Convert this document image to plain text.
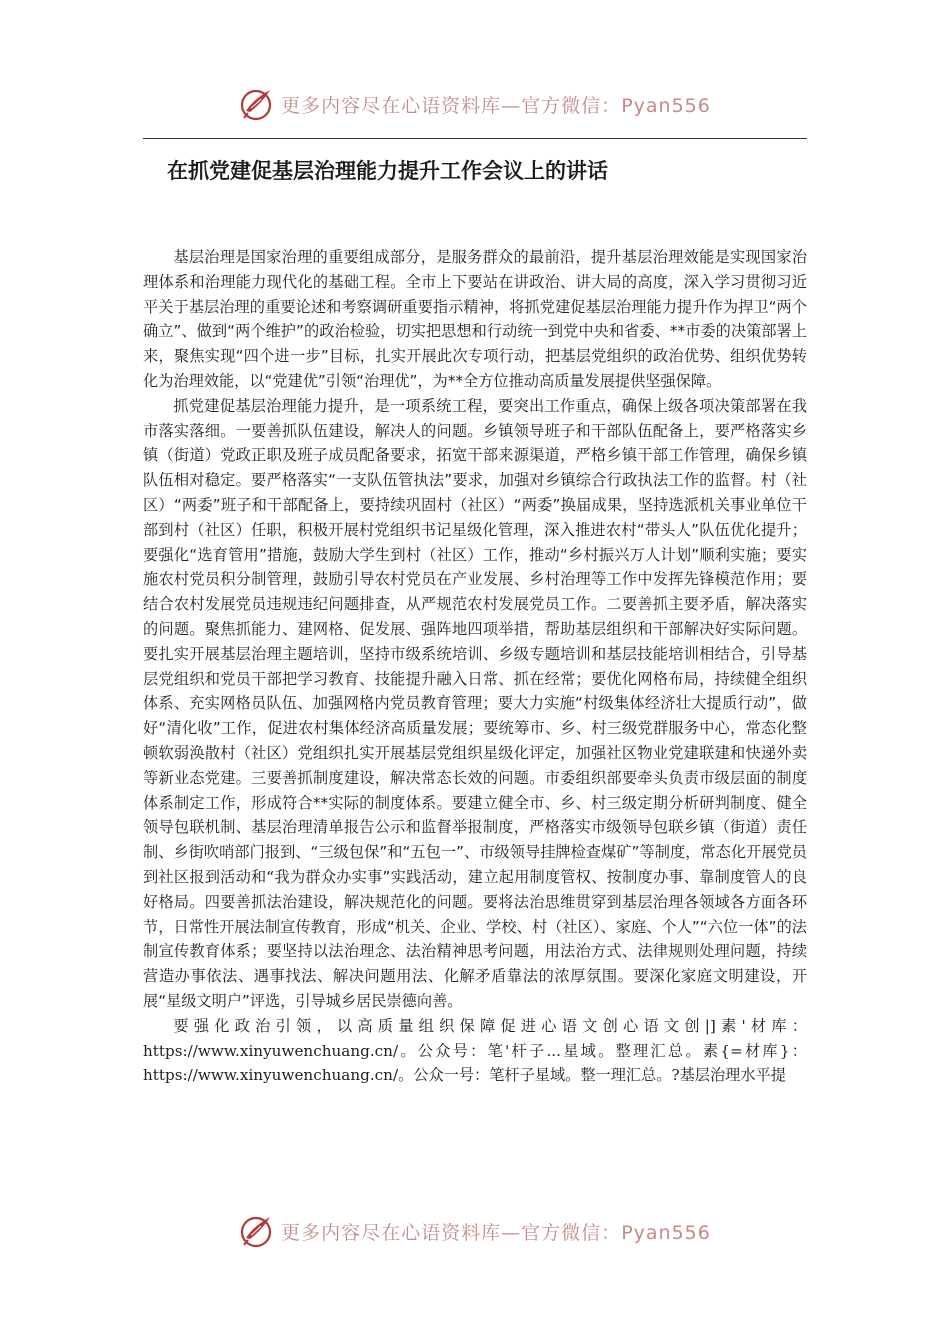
更多内容尽在心语资料库—官方微信：Pyan556
在抓党建促基层治理能力提升工作会议上的讲话

基层治理是国家治理的重要组成部分，是服务群众的最前沿，提升基层治理效能是实现国家治理体系和治理能力现代化的基础工程。全市上下要站在讲政治、讲大局的高度，深入学习贯彻习近平关于基层治理的重要论述和考察调研重要指示精神，将抓党建促基层治理能力提升作为捍卫“两个确立”、做到“两个维护”的政治检验，切实把思想和行动统一到党中央和省委、**市委的决策部署上来，聚焦实现“四个进一步”目标，扎实开展此次专项行动，把基层党组织的政治优势、组织优势转化为治理效能，以“党建优”引领“治理优”，为**全方位推动高质量发展提供坚强保障。

抓党建促基层治理能力提升，是一项系统工程，要突出工作重点，确保上级各项决策部署在我市落实落细。一要善抓队伍建设，解决人的问题。乡镇领导班子和干部队伍配备上，要严格落实乡镇（街道）党政正职及班子成员配备要求，拓宽干部来源渠道，严格乡镇干部工作管理，确保乡镇队伍相对稳定。要严格落实“一支队伍管执法”要求，加强对乡镇综合行政执法工作的监督。村（社区）“两委”班子和干部配备上，要持续巩固村（社区）“两委”换届成果，坚持选派机关事业单位干部到村（社区）任职，积极开展村党组织书记星级化管理，深入推进农村“带头人”队伍优化提升；要强化“选育管用”措施，鼓励大学生到村（社区）工作，推动“乡村振兴万人计划”顺利实施；要实施农村党员积分制管理，鼓励引导农村党员在产业发展、乡村治理等工作中发挥先锋模范作用；要结合农村发展党员违规违纪问题排查，从严规范农村发展党员工作。二要善抓主要矛盾，解决落实的问题。聚焦抓能力、建网格、促发展、强阵地四项举措，帮助基层组织和干部解决好实际问题。要扎实开展基层治理主题培训，坚持市级系统培训、乡级专题培训和基层技能培训相结合，引导基层党组织和党员干部把学习教育、技能提升融入日常、抓在经常；要优化网格布局，持续健全组织体系、充实网格员队伍、加强网格内党员教育管理；要大力实施“村级集体经济壮大提质行动”，做好“清化收”工作，促进农村集体经济高质量发展；要统筹市、乡、村三级党群服务中心，常态化整顿软弱涣散村（社区）党组织扎实开展基层党组织星级化评定，加强社区物业党建联建和快递外卖等新业态党建。三要善抓制度建设，解决常态长效的问题。市委组织部要牵头负责市级层面的制度体系制定工作，形成符合**实际的制度体系。要建立健全市、乡、村三级定期分析研判制度、健全领导包联机制、基层治理清单报告公示和监督举报制度，严格落实市级领导包联乡镇（街道）责任制、乡街吹哨部门报到、“三级包保”和“五包一”、市级领导挂牌检查煤矿”等制度，常态化开展党员到社区报到活动和“我为群众办实事”实践活动，建立起用制度管权、按制度办事、靠制度管人的良好格局。四要善抓法治建设，解决规范化的问题。要将法治思维贯穿到基层治理各领域各方面各环节，日常性开展法制宣传教育，形成“机关、企业、学校、村（社区）、家庭、个人”“六位一体”的法制宣传教育体系；要坚持以法治理念、法治精神思考问题，用法治方式、法律规则处理问题，持续营造办事依法、遇事找法、解决问题用法、化解矛盾靠法的浓厚氛围。要深化家庭文明建设，开展“星级文明户”评选，引导城乡居民崇德向善。

要强化政治引领，以高质量组织保障促进心语文创心语文创|]素'材库：https://www.xinyuwenchuang.cn/。公众号：笔'杆子...星域。整理汇总。素{=材库}：https://www.xinyuwenchuang.cn/。公众一号：笔杆子星域。整一理汇总。?基层治理水平提

更多内容尽在心语资料库—官方微信：Pyan556
